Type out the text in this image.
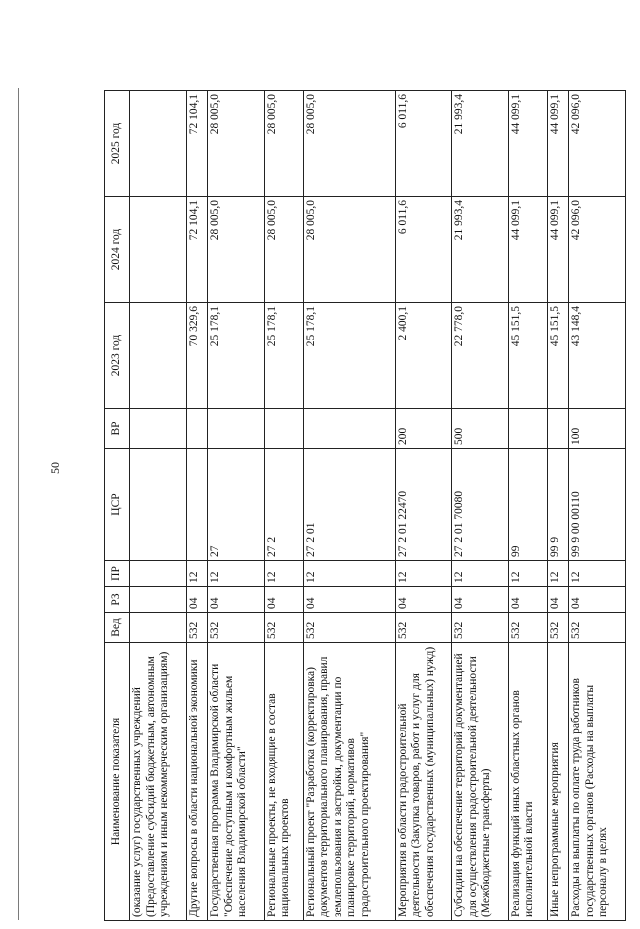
50
Наименование показателя	Вед	РЗ	ПР	ЦСР	ВР	2023 год	2024 год	2025 год
(оказание услуг) государственных учреждений (Предоставление субсидий бюджетным, автономным учреждениям и иным некоммерческим организациям)								
Другие вопросы в области национальной экономики	532	04	12			70 329,6	72 104,1	72 104,1
Государственная программа Владимирской области "Обеспечение доступным и комфортным жильем населения Владимирской области"	532	04	12	27		25 178,1	28 005,0	28 005,0
Региональные проекты, не входящие в состав национальных проектов	532	04	12	27 2		25 178,1	28 005,0	28 005,0
Региональный проект "Разработка (корректировка) документов территориального планирования, правил землепользования и застройки, документации по планировке территорий, нормативов градостроительного проектирования"	532	04	12	27 2 01		25 178,1	28 005,0	28 005,0
Мероприятия в области градостроительной деятельности (Закупка товаров, работ и услуг для обеспечения государственных (муниципальных) нужд)	532	04	12	27 2 01 22470	200	2 400,1	6 011,6	6 011,6
Субсидии на обеспечение территорий документацией для осуществления градостроительной деятельности (Межбюджетные трансферты)	532	04	12	27 2 01 70080	500	22 778,0	21 993,4	21 993,4
Реализация функций иных областных органов исполнительной власти	532	04	12	99		45 151,5	44 099,1	44 099,1
Иные непрограммные мероприятия	532	04	12	99 9		45 151,5	44 099,1	44 099,1
Расходы на выплаты по оплате труда работников государственных органов (Расходы на выплаты персоналу в целях	532	04	12	99 9 00 00110	100	43 148,4	42 096,0	42 096,0
